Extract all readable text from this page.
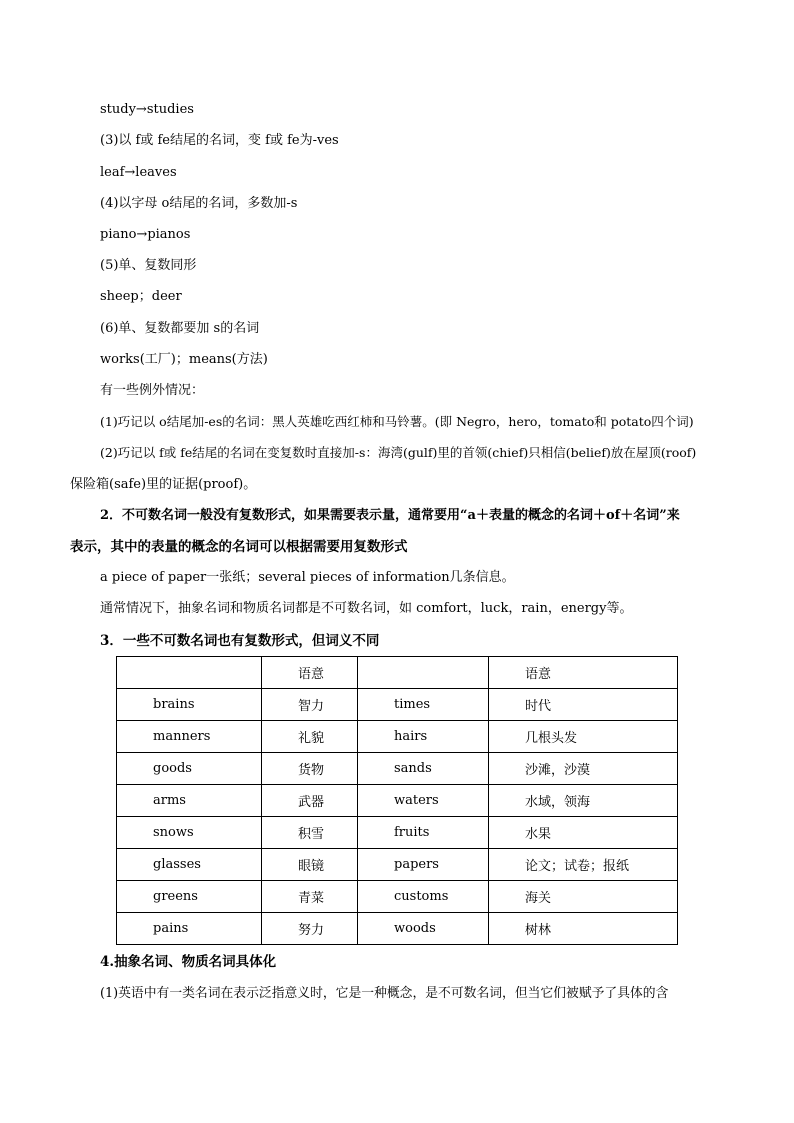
study→studies
(3)以 f或 fe结尾的名词，变 f或 fe为-ves
leaf→leaves
(4)以字母 o结尾的名词，多数加-s
piano→pianos
(5)单、复数同形
sheep；deer
(6)单、复数都要加 s的名词
works(工厂)；means(方法)
有一些例外情况：
(1)巧记以 o结尾加-es的名词：黑人英雄吃西红柿和马铃薯。(即 Negro，hero，tomato和 potato四个词)
(2)巧记以 f或 fe结尾的名词在变复数时直接加-s：海湾(gulf)里的首领(chief)只相信(belief)放在屋顶(roof)
保险箱(safe)里的证据(proof)。
2．不可数名词一般没有复数形式，如果需要表示量，通常要用“a＋表量的概念的名词＋of＋名词”来
表示，其中的表量的概念的名词可以根据需要用复数形式
a piece of paper一张纸；several pieces of information几条信息。
通常情况下，抽象名词和物质名词都是不可数名词，如 comfort，luck，rain，energy等。
3．一些不可数名词也有复数形式，但词义不同
	语意		语意
brains	智力	times	时代
manners	礼貌	hairs	几根头发
goods	货物	sands	沙滩，沙漠
arms	武器	waters	水域，领海
snows	积雪	fruits	水果
glasses	眼镜	papers	论文；试卷；报纸
greens	青菜	customs	海关
pains	努力	woods	树林
4.抽象名词、物质名词具体化
(1)英语中有一类名词在表示泛指意义时，它是一种概念，是不可数名词，但当它们被赋予了具体的含
